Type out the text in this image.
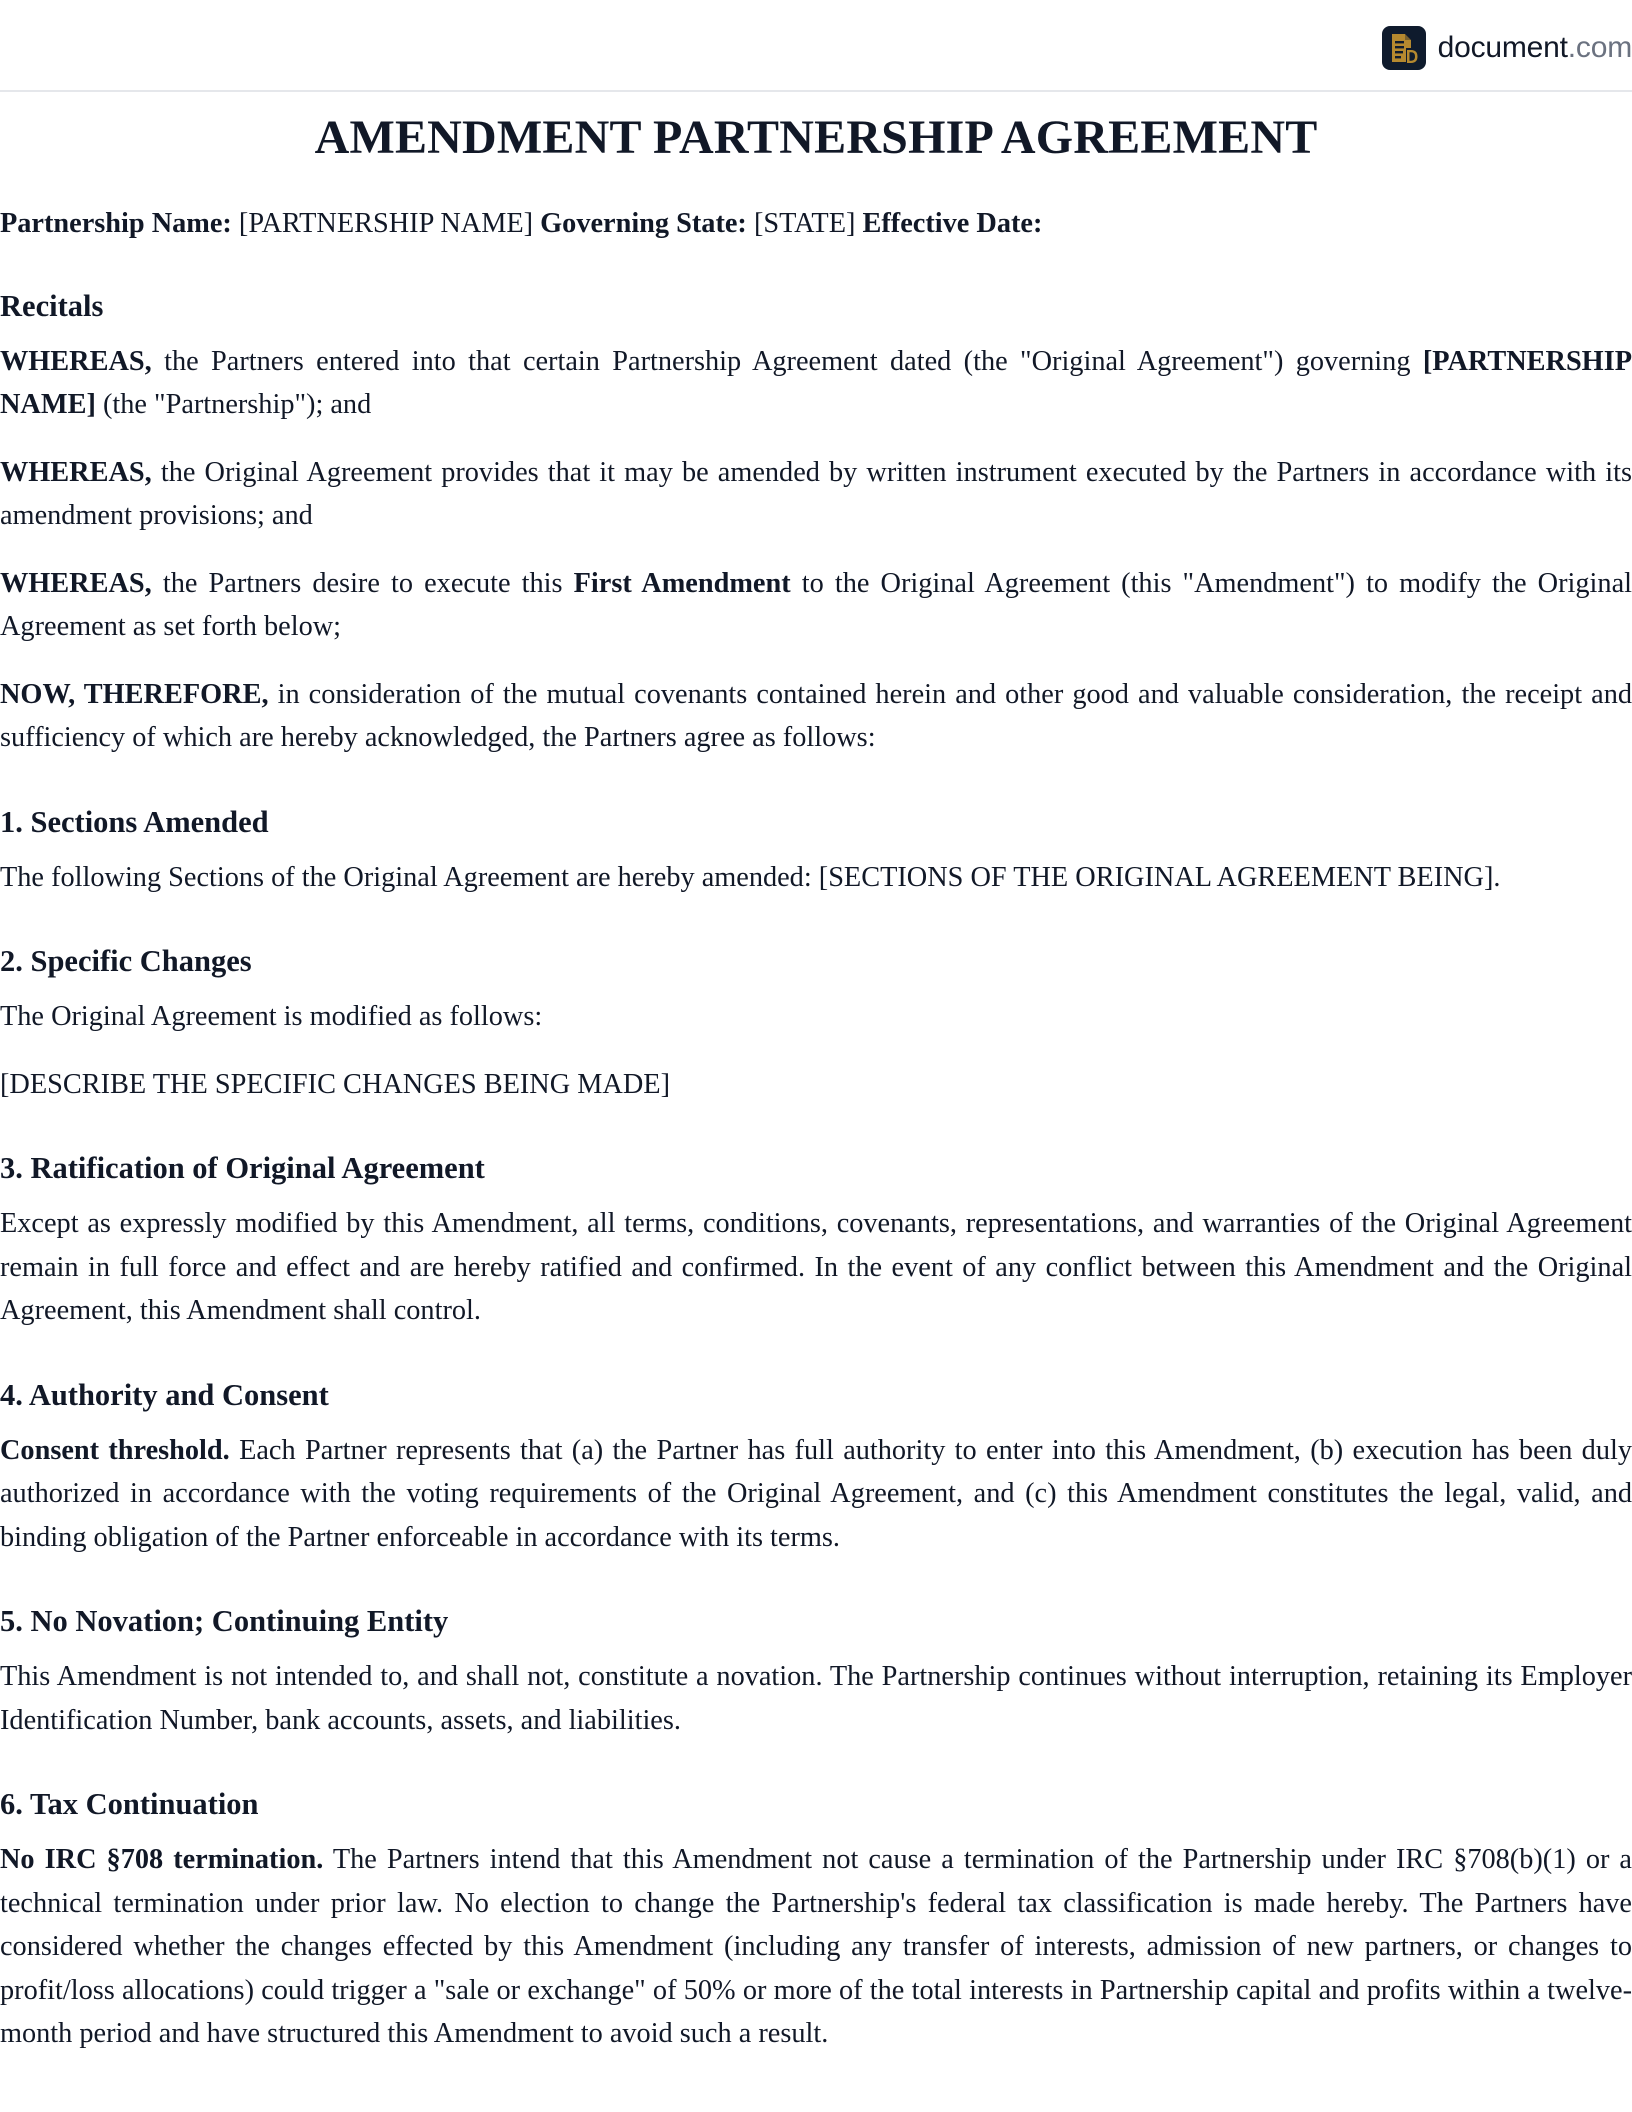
document.com
AMENDMENT PARTNERSHIP AGREEMENT

Partnership Name: [PARTNERSHIP NAME] Governing State: [STATE] Effective Date:

Recitals

WHEREAS, the Partners entered into that certain Partnership Agreement dated (the "Original Agreement") governing [PARTNERSHIP NAME] (the "Partnership"); and

WHEREAS, the Original Agreement provides that it may be amended by written instrument executed by the Partners in accordance with its amendment provisions; and

WHEREAS, the Partners desire to execute this First Amendment to the Original Agreement (this "Amendment") to modify the Original Agreement as set forth below;

NOW, THEREFORE, in consideration of the mutual covenants contained herein and other good and valuable consideration, the receipt and sufficiency of which are hereby acknowledged, the Partners agree as follows:

1. Sections Amended

The following Sections of the Original Agreement are hereby amended: [SECTIONS OF THE ORIGINAL AGREEMENT BEING].

2. Specific Changes

The Original Agreement is modified as follows:

[DESCRIBE THE SPECIFIC CHANGES BEING MADE]

3. Ratification of Original Agreement

Except as expressly modified by this Amendment, all terms, conditions, covenants, representations, and warranties of the Original Agreement remain in full force and effect and are hereby ratified and confirmed. In the event of any conflict between this Amendment and the Original Agreement, this Amendment shall control.

4. Authority and Consent

Consent threshold. Each Partner represents that (a) the Partner has full authority to enter into this Amendment, (b) execution has been duly authorized in accordance with the voting requirements of the Original Agreement, and (c) this Amendment constitutes the legal, valid, and binding obligation of the Partner enforceable in accordance with its terms.

5. No Novation; Continuing Entity

This Amendment is not intended to, and shall not, constitute a novation. The Partnership continues without interruption, retaining its Employer Identification Number, bank accounts, assets, and liabilities.

6. Tax Continuation

No IRC §708 termination. The Partners intend that this Amendment not cause a termination of the Partnership under IRC §708(b)(1) or a technical termination under prior law. No election to change the Partnership's federal tax classification is made hereby. The Partners have considered whether the changes effected by this Amendment (including any transfer of interests, admission of new partners, or changes to profit/loss allocations) could trigger a "sale or exchange" of 50% or more of the total interests in Partnership capital and profits within a twelve-month period and have structured this Amendment to avoid such a result.
